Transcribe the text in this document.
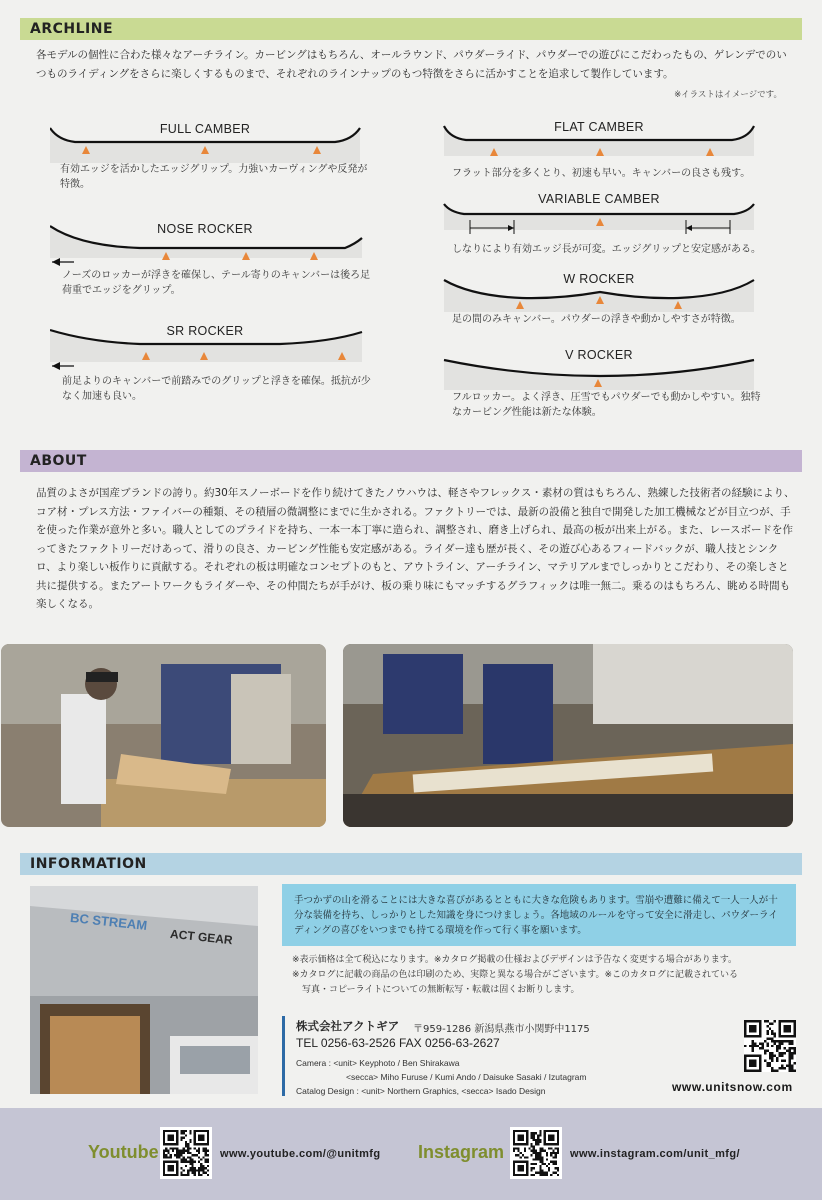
ARCHLINE
各モデルの個性に合わた様々なアーチライン。カービングはもちろん、オールラウンド、パウダーライド、パウダーでの遊びにこだわったもの、ゲレンデでのいつものライディングをさらに楽しくするものまで、それぞれのラインナップのもつ特徴をさらに活かすことを追求して製作しています。
※イラストはイメージです。
FULL CAMBER
有効エッジを活かしたエッジグリップ。力強いカーヴィングや反発が特徴。
NOSE ROCKER
ノーズのロッカーが浮きを確保し、テール寄りのキャンバーは後ろ足荷重でエッジをグリップ。
SR ROCKER
前足よりのキャンバーで前踏みでのグリップと浮きを確保。抵抗が少なく加速も良い。
FLAT CAMBER
フラット部分を多くとり、初速も早い。キャンバーの良さも残す。
VARIABLE CAMBER
しなりにより有効エッジ長が可変。エッジグリップと安定感がある。
W ROCKER
足の間のみキャンバー。パウダーの浮きや動かしやすさが特徴。
V ROCKER
フルロッカー。よく浮き、圧雪でもパウダーでも動かしやすい。独特なカービング性能は新たな体験。
ABOUT
品質のよさが国産ブランドの誇り。約30年スノーボードを作り続けてきたノウハウは、軽さやフレックス・素材の質はもちろん、熟練した技術者の経験により、コア材・プレス方法・ファイバーの種類、その積層の微調整にまでに生かされる。ファクトリーでは、最新の設備と独自で開発した加工機械などが目立つが、手を使った作業が意外と多い。職人としてのプライドを持ち、一本一本丁寧に造られ、調整され、磨き上げられ、最高の板が出来上がる。また、レースボードを作ってきたファクトリーだけあって、滑りの良さ、カービング性能も安定感がある。ライダー達も歴が長く、その遊び心あるフィードバックが、職人技とシンクロ、より楽しい板作りに貢献する。それぞれの板は明確なコンセプトのもと、アウトライン、アーチライン、マテリアルまでしっかりとこだわり、その楽しさと共に提供する。またアートワークもライダーや、その仲間たちが手がけ、板の乗り味にもマッチするグラフィックは唯一無二。乗るのはもちろん、眺める時間も楽しくなる。
INFORMATION
BC STREAM
ACT GEAR
手つかずの山を滑ることには大きな喜びがあるとともに大きな危険もあります。雪崩や遭難に備えて一人一人が十分な装備を持ち、しっかりとした知識を身につけましょう。各地域のルールを守って安全に滑走し、パウダーライディングの喜びをいつまでも持てる環境を作って行く事を願います。
※表示価格は全て税込になります。※カタログ掲載の仕様およびデザインは予告なく変更する場合があります。
※カタログに記載の商品の色は印刷のため、実際と異なる場合がございます。※このカタログに記載されている
写真・コピーライトについての無断転写・転載は固くお断りします。
株式会社アクトギア 〒959-1286 新潟県燕市小関野中1175
TEL 0256-63-2526 FAX 0256-63-2627
Camera : <unit> Keyphoto / Ben Shirakawa
<secca> Miho Furuse / Kumi Ando / Daisuke Sasaki / Izutagram
Catalog Design : <unit> Northern Graphics, <secca> Isado Design	www.unitsnow.com
Youtube	www.youtube.com/@unitmfg Instagram	www.instagram.com/unit_mfg/
